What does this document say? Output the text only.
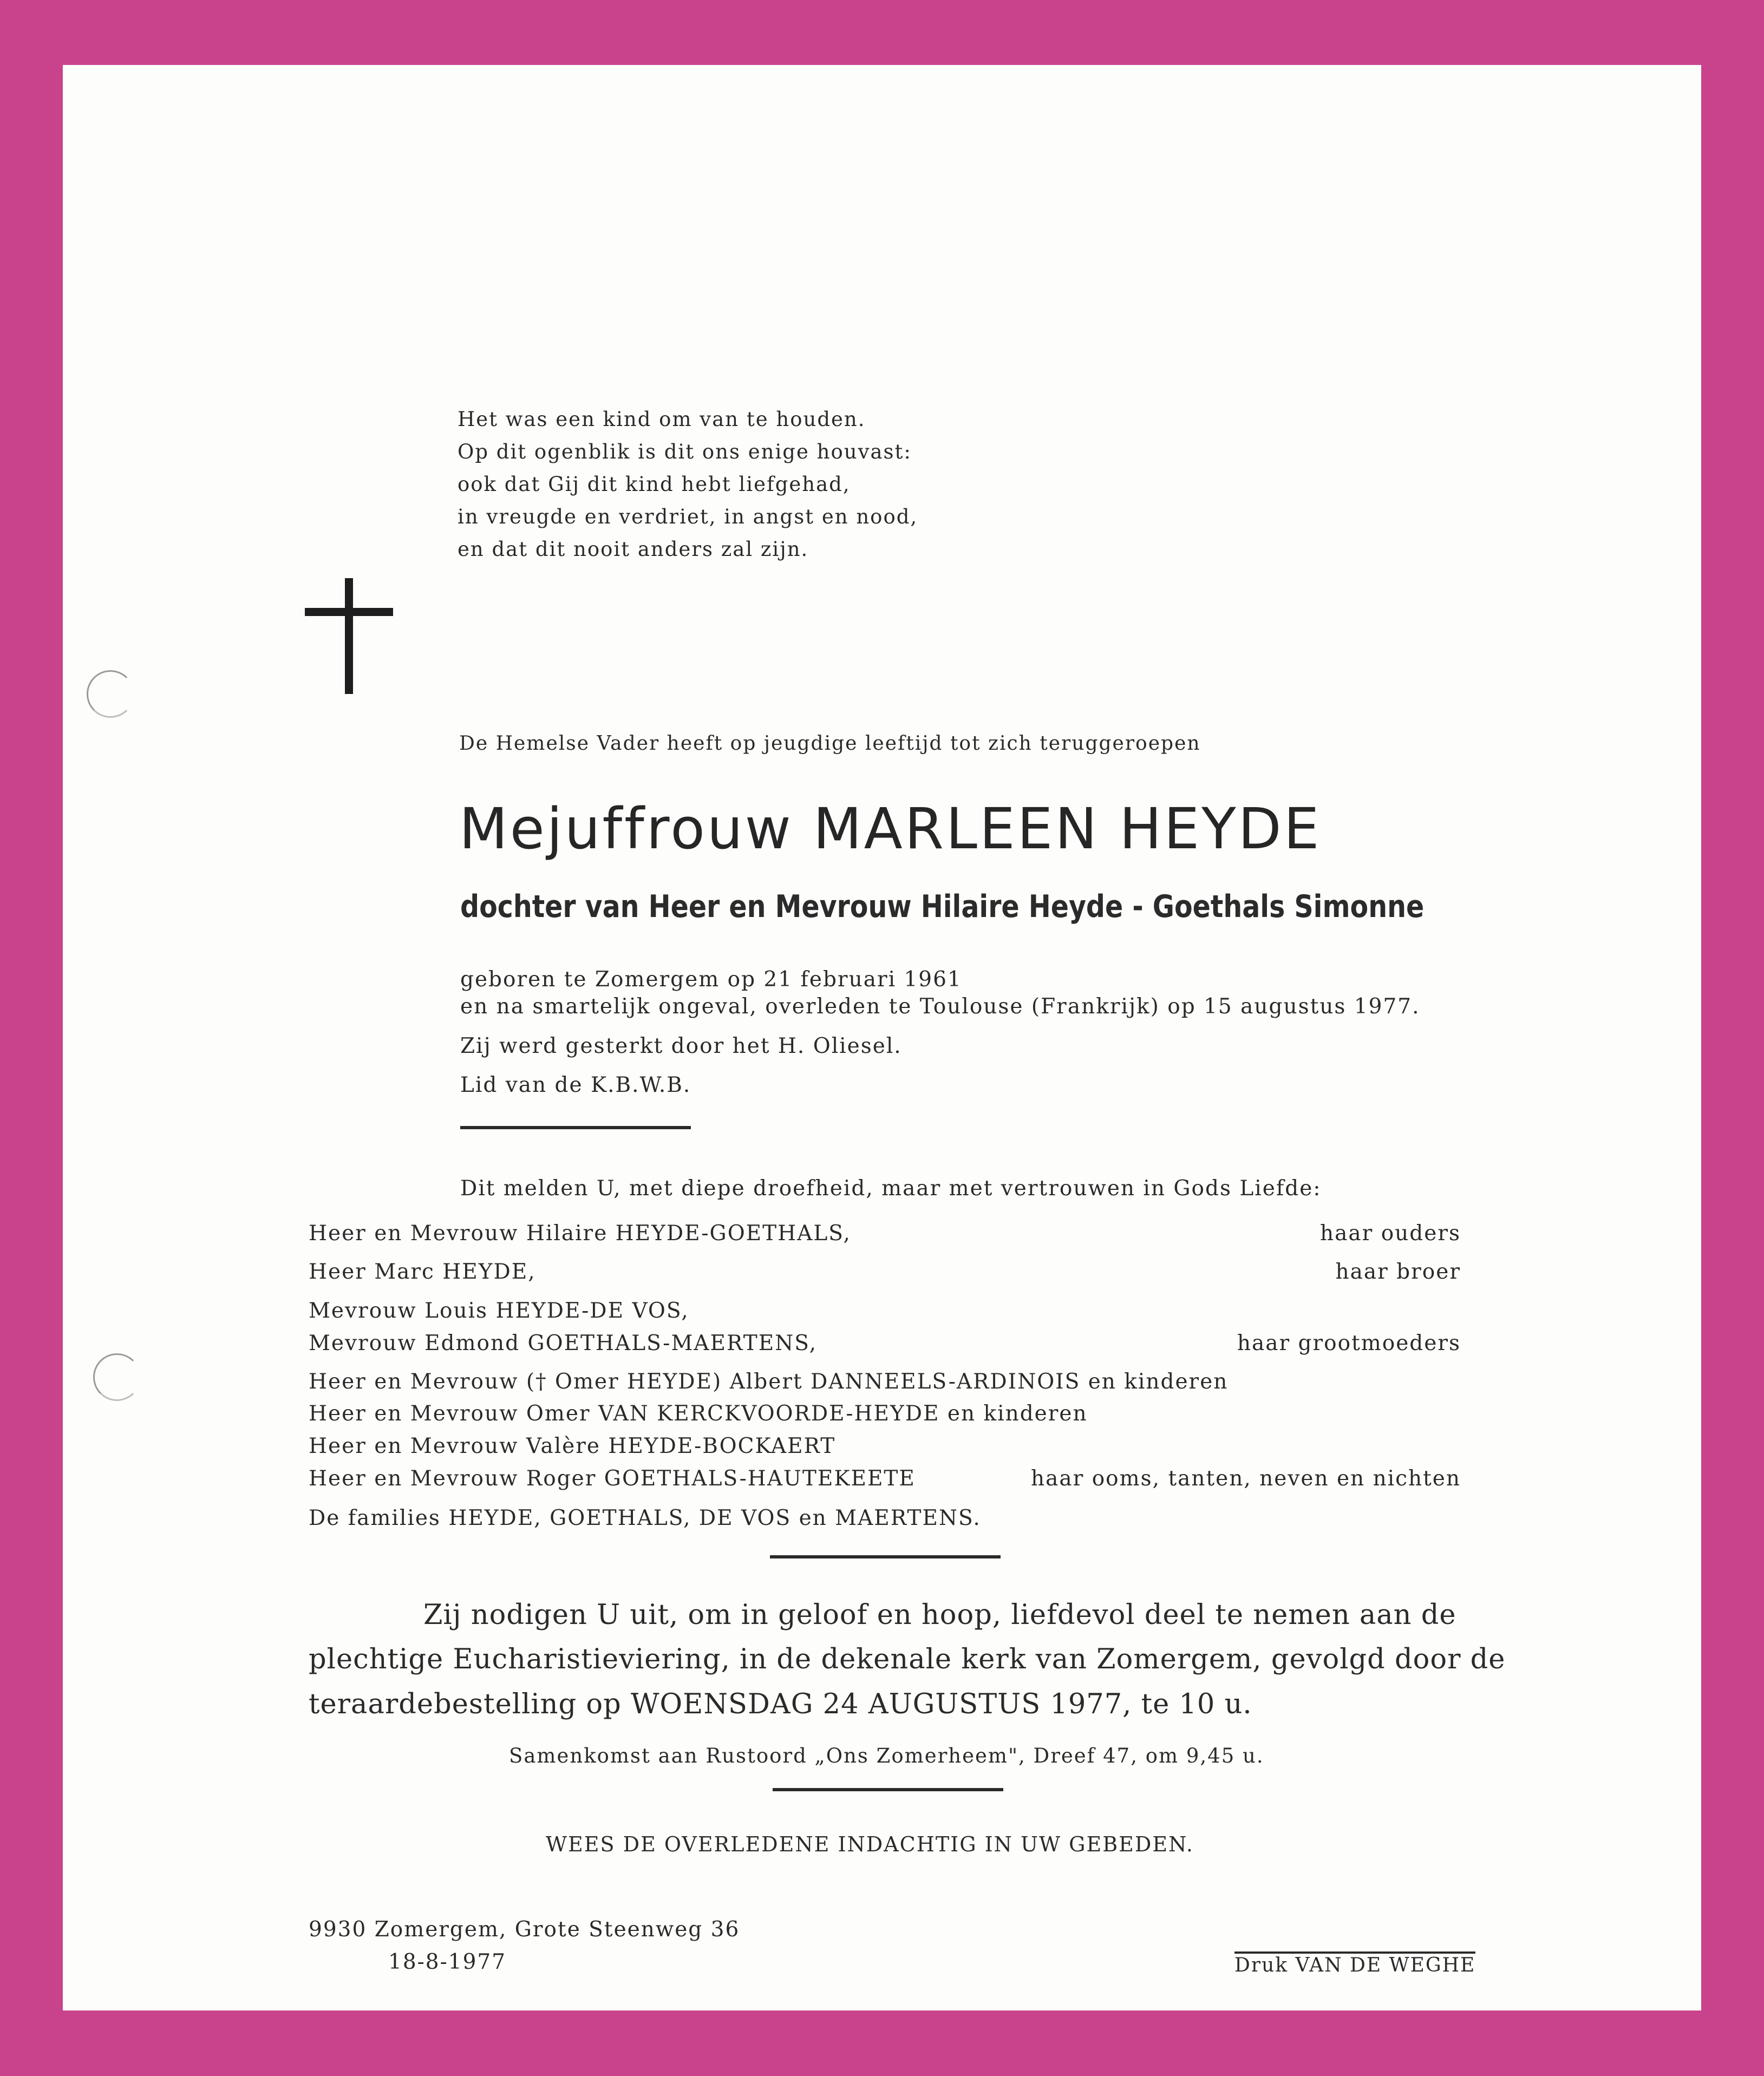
Het was een kind om van te houden.
Op dit ogenblik is dit ons enige houvast:
ook dat Gij dit kind hebt liefgehad,
in vreugde en verdriet, in angst en nood,
en dat dit nooit anders zal zijn.
De Hemelse Vader heeft op jeugdige leeftijd tot zich teruggeroepen
Mejuffrouw MARLEEN HEYDE
dochter van Heer en Mevrouw Hilaire Heyde - Goethals Simonne
geboren te Zomergem op 21 februari 1961
en na smartelijk ongeval, overleden te Toulouse (Frankrijk) op 15 augustus 1977.
Zij werd gesterkt door het H. Oliesel.
Lid van de K.B.W.B.
Dit melden U, met diepe droefheid, maar met vertrouwen in Gods Liefde:
Heer en Mevrouw Hilaire HEYDE-GOETHALS,	haar ouders
Heer Marc HEYDE,	haar broer
Mevrouw Louis HEYDE-DE VOS,
Mevrouw Edmond GOETHALS-MAERTENS,	haar grootmoeders
Heer en Mevrouw († Omer HEYDE) Albert DANNEELS-ARDINOIS en kinderen
Heer en Mevrouw Omer VAN KERCKVOORDE-HEYDE en kinderen
Heer en Mevrouw Valère HEYDE-BOCKAERT
Heer en Mevrouw Roger GOETHALS-HAUTEKEETE	haar ooms, tanten, neven en nichten
De families HEYDE, GOETHALS, DE VOS en MAERTENS.
Zij nodigen U uit, om in geloof en hoop, liefdevol deel te nemen aan de
plechtige Eucharistieviering, in de dekenale kerk van Zomergem, gevolgd door de
teraardebestelling op WOENSDAG 24 AUGUSTUS 1977, te 10 u.
Samenkomst aan Rustoord „Ons Zomerheem", Dreef 47, om 9,45 u.
WEES DE OVERLEDENE INDACHTIG IN UW GEBEDEN.
9930 Zomergem, Grote Steenweg 36
18-8-1977	Druk VAN DE WEGHE
